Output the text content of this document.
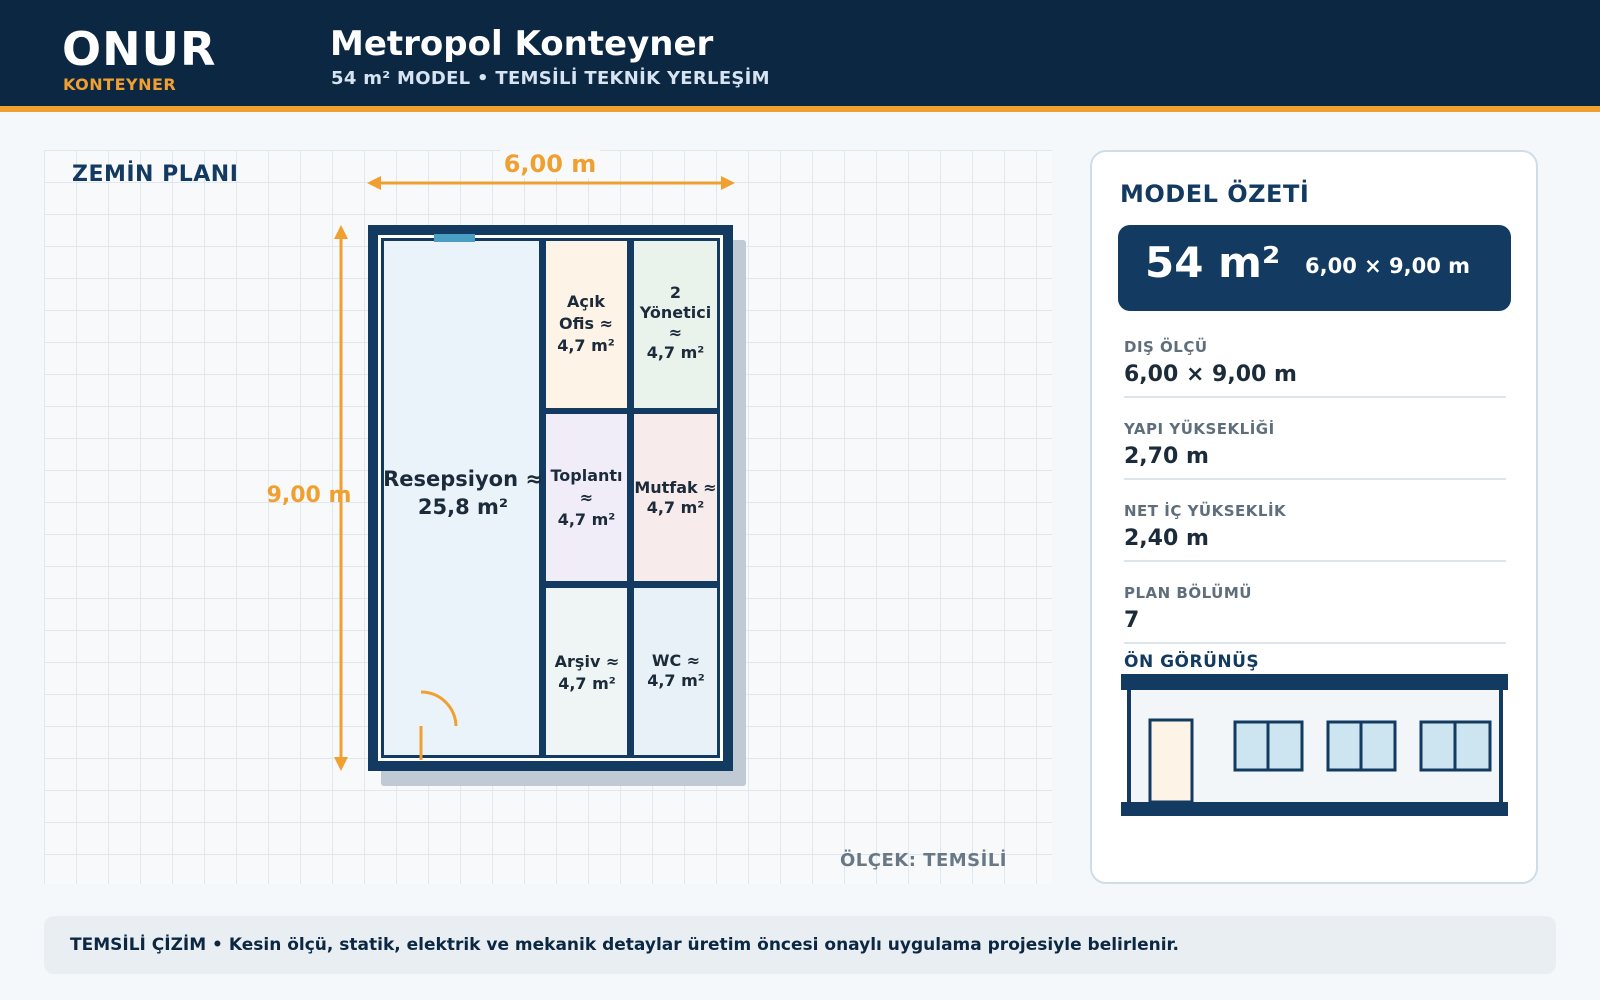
ONUR
KONTEYNER
Metropol Konteyner
54 m² MODEL • TEMSİLİ TEKNİK YERLEŞİM
ZEMİN PLANI	6,00 m
9,00 m
Resepsiyon ≈
25,8 m²
Açık Ofis ≈
4,7 m²
2 Yönetici ≈
4,7 m²
Toplantı ≈
4,7 m²
Mutfak ≈
4,7 m²
Arşiv ≈
4,7 m²
WC ≈
4,7 m²
ÖLÇEK: TEMSİLİ
MODEL ÖZETİ
54 m² 6,00 × 9,00 m
DIŞ ÖLÇÜ
6,00 × 9,00 m
YAPI YÜKSEKLİĞİ
2,70 m
NET İÇ YÜKSEKLİK
2,40 m
PLAN BÖLÜMÜ
7
ÖN GÖRÜNÜŞ
TEMSİLİ ÇİZİM • Kesin ölçü, statik, elektrik ve mekanik detaylar üretim öncesi onaylı uygulama projesiyle belirlenir.
